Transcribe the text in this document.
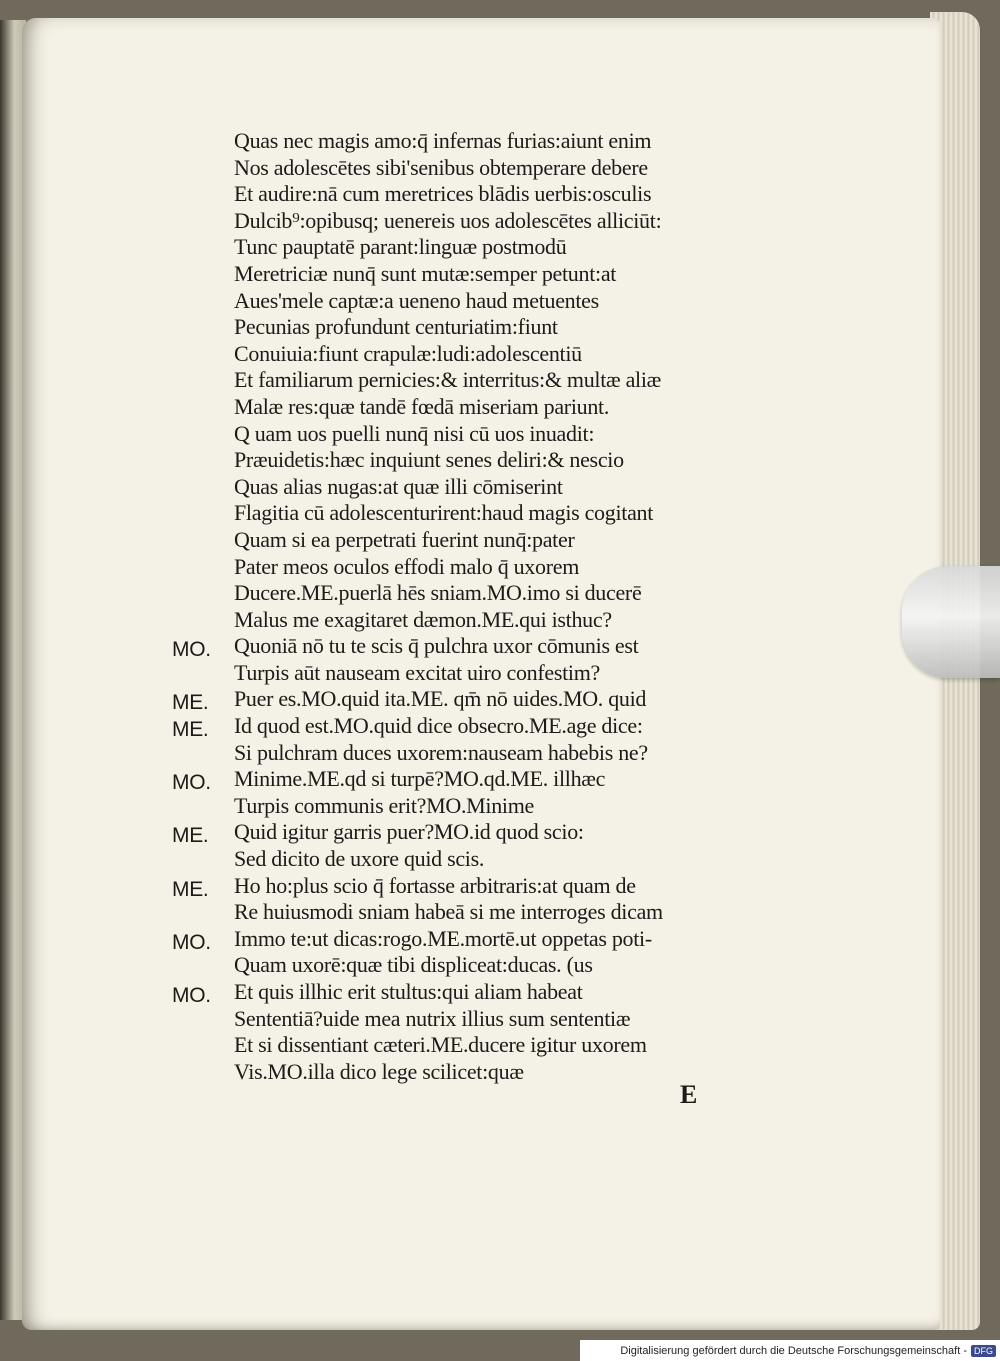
Quas nec magis amo:q̄ infernas furias:aiunt enim
Nos adolescētes sibi'senibus obtemperare debere
Et audire:nā cum meretrices blādis uerbis:osculis
Dulcib⁹:opibusq; uenereis uos adolescētes alliciūt:
Tunc pauptatē parant:linguæ postmodū
Meretriciæ nunq̄ sunt mutæ:semper petunt:at
Aues'mele captæ:a ueneno haud metuentes
Pecunias profundunt centuriatim:fiunt
Conuiuia:fiunt crapulæ:ludi:adolescentiū
Et familiarum pernicies:& interritus:& multæ aliæ
Malæ res:quæ tandē fœdā miseriam pariunt.
Q uam uos puelli nunq̄ nisi cū uos inuadit:
Præuidetis:hæc inquiunt senes deliri:& nescio
Quas alias nugas:at quæ illi cōmiserint
Flagitia cū adolescenturirent:haud magis cogitant
Quam si ea perpetrati fuerint nunq̄:pater
Pater meos oculos effodi malo q̄ uxorem
Ducere.ME.puerlā hēs sniam.MO.imo si ducerē
Malus me exagitaret dæmon.ME.qui isthuc?
MO. Quoniā nō tu te scis q̄ pulchra uxor cōmunis est
Turpis aūt nauseam excitat uiro confestim?
ME. Puer es.MO.quid ita.ME. qm̄ nō uides.MO. quid
ME. Id quod est.MO.quid dice obsecro.ME.age dice:
Si pulchram duces uxorem:nauseam habebis ne?
MO. Minime.ME.qd si turpē?MO.qd.ME. illhæc
Turpis communis erit?MO.Minime
ME. Quid igitur garris puer?MO.id quod scio:
Sed dicito de uxore quid scis.
ME. Ho ho:plus scio q̄ fortasse arbitraris:at quam de
Re huiusmodi sniam habeā si me interroges dicam
MO. Immo te:ut dicas:rogo.ME.mortē.ut oppetas poti-
Quam uxorē:quæ tibi displiceat:ducas. (us
MO. Et quis illhic erit stultus:qui aliam habeat
Sententiā?uide mea nutrix illius sum sententiæ
Et si dissentiant cæteri.ME.ducere igitur uxorem
Vis.MO.illa dico lege scilicet:quæ
E
Digitalisierung gefördert durch die Deutsche Forschungsgemeinschaft - DFG
